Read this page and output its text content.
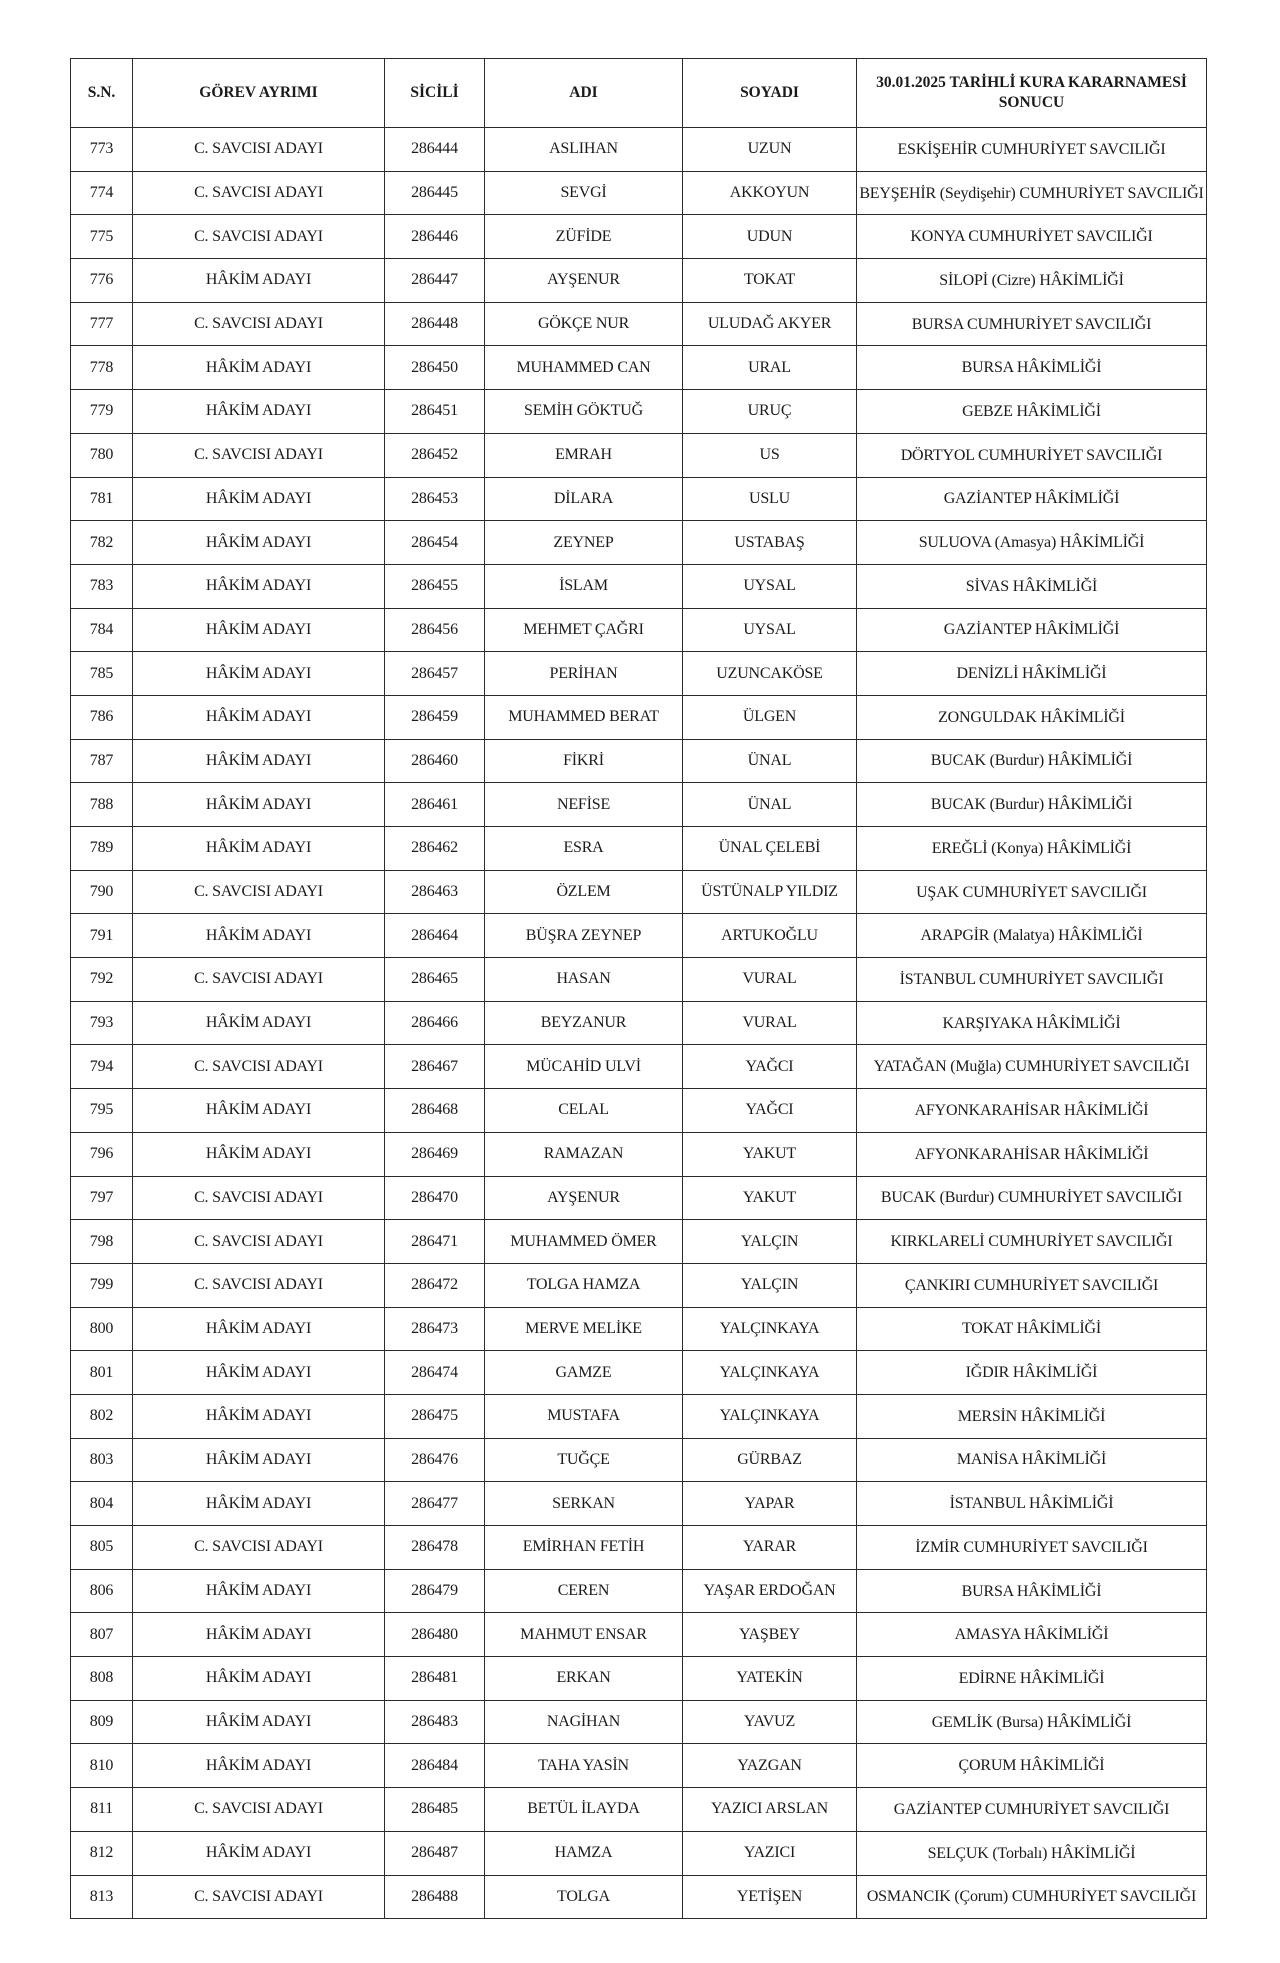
S.N.	GÖREV AYRIMI	SİCİLİ	ADI	SOYADI	30.01.2025 TARİHLİ KURA KARARNAMESİ SONUCU
773	C. SAVCISI ADAYI	286444	ASLIHAN	UZUN	ESKİŞEHİR CUMHURİYET SAVCILIĞI
774	C. SAVCISI ADAYI	286445	SEVGİ	AKKOYUN	BEYŞEHİR (Seydişehir) CUMHURİYET SAVCILIĞI
775	C. SAVCISI ADAYI	286446	ZÜFİDE	UDUN	KONYA CUMHURİYET SAVCILIĞI
776	HÂKİM ADAYI	286447	AYŞENUR	TOKAT	SİLOPİ (Cizre) HÂKİMLİĞİ
777	C. SAVCISI ADAYI	286448	GÖKÇE NUR	ULUDAĞ AKYER	BURSA CUMHURİYET SAVCILIĞI
778	HÂKİM ADAYI	286450	MUHAMMED CAN	URAL	BURSA HÂKİMLİĞİ
779	HÂKİM ADAYI	286451	SEMİH GÖKTUĞ	URUÇ	GEBZE HÂKİMLİĞİ
780	C. SAVCISI ADAYI	286452	EMRAH	US	DÖRTYOL CUMHURİYET SAVCILIĞI
781	HÂKİM ADAYI	286453	DİLARA	USLU	GAZİANTEP HÂKİMLİĞİ
782	HÂKİM ADAYI	286454	ZEYNEP	USTABAŞ	SULUOVA (Amasya) HÂKİMLİĞİ
783	HÂKİM ADAYI	286455	İSLAM	UYSAL	SİVAS HÂKİMLİĞİ
784	HÂKİM ADAYI	286456	MEHMET ÇAĞRI	UYSAL	GAZİANTEP HÂKİMLİĞİ
785	HÂKİM ADAYI	286457	PERİHAN	UZUNCAKÖSE	DENİZLİ HÂKİMLİĞİ
786	HÂKİM ADAYI	286459	MUHAMMED BERAT	ÜLGEN	ZONGULDAK HÂKİMLİĞİ
787	HÂKİM ADAYI	286460	FİKRİ	ÜNAL	BUCAK (Burdur) HÂKİMLİĞİ
788	HÂKİM ADAYI	286461	NEFİSE	ÜNAL	BUCAK (Burdur) HÂKİMLİĞİ
789	HÂKİM ADAYI	286462	ESRA	ÜNAL ÇELEBİ	EREĞLİ (Konya) HÂKİMLİĞİ
790	C. SAVCISI ADAYI	286463	ÖZLEM	ÜSTÜNALP YILDIZ	UŞAK CUMHURİYET SAVCILIĞI
791	HÂKİM ADAYI	286464	BÜŞRA ZEYNEP	ARTUKOĞLU	ARAPGİR (Malatya) HÂKİMLİĞİ
792	C. SAVCISI ADAYI	286465	HASAN	VURAL	İSTANBUL CUMHURİYET SAVCILIĞI
793	HÂKİM ADAYI	286466	BEYZANUR	VURAL	KARŞIYAKA HÂKİMLİĞİ
794	C. SAVCISI ADAYI	286467	MÜCAHİD ULVİ	YAĞCI	YATAĞAN (Muğla) CUMHURİYET SAVCILIĞI
795	HÂKİM ADAYI	286468	CELAL	YAĞCI	AFYONKARAHİSAR HÂKİMLİĞİ
796	HÂKİM ADAYI	286469	RAMAZAN	YAKUT	AFYONKARAHİSAR HÂKİMLİĞİ
797	C. SAVCISI ADAYI	286470	AYŞENUR	YAKUT	BUCAK (Burdur) CUMHURİYET SAVCILIĞI
798	C. SAVCISI ADAYI	286471	MUHAMMED ÖMER	YALÇIN	KIRKLARELİ CUMHURİYET SAVCILIĞI
799	C. SAVCISI ADAYI	286472	TOLGA HAMZA	YALÇIN	ÇANKIRI CUMHURİYET SAVCILIĞI
800	HÂKİM ADAYI	286473	MERVE MELİKE	YALÇINKAYA	TOKAT HÂKİMLİĞİ
801	HÂKİM ADAYI	286474	GAMZE	YALÇINKAYA	IĞDIR HÂKİMLİĞİ
802	HÂKİM ADAYI	286475	MUSTAFA	YALÇINKAYA	MERSİN HÂKİMLİĞİ
803	HÂKİM ADAYI	286476	TUĞÇE	GÜRBAZ	MANİSA HÂKİMLİĞİ
804	HÂKİM ADAYI	286477	SERKAN	YAPAR	İSTANBUL HÂKİMLİĞİ
805	C. SAVCISI ADAYI	286478	EMİRHAN FETİH	YARAR	İZMİR CUMHURİYET SAVCILIĞI
806	HÂKİM ADAYI	286479	CEREN	YAŞAR ERDOĞAN	BURSA HÂKİMLİĞİ
807	HÂKİM ADAYI	286480	MAHMUT ENSAR	YAŞBEY	AMASYA HÂKİMLİĞİ
808	HÂKİM ADAYI	286481	ERKAN	YATEKİN	EDİRNE HÂKİMLİĞİ
809	HÂKİM ADAYI	286483	NAGİHAN	YAVUZ	GEMLİK (Bursa) HÂKİMLİĞİ
810	HÂKİM ADAYI	286484	TAHA YASİN	YAZGAN	ÇORUM HÂKİMLİĞİ
811	C. SAVCISI ADAYI	286485	BETÜL İLAYDA	YAZICI ARSLAN	GAZİANTEP CUMHURİYET SAVCILIĞI
812	HÂKİM ADAYI	286487	HAMZA	YAZICI	SELÇUK (Torbalı) HÂKİMLİĞİ
813	C. SAVCISI ADAYI	286488	TOLGA	YETİŞEN	OSMANCIK (Çorum) CUMHURİYET SAVCILIĞI
